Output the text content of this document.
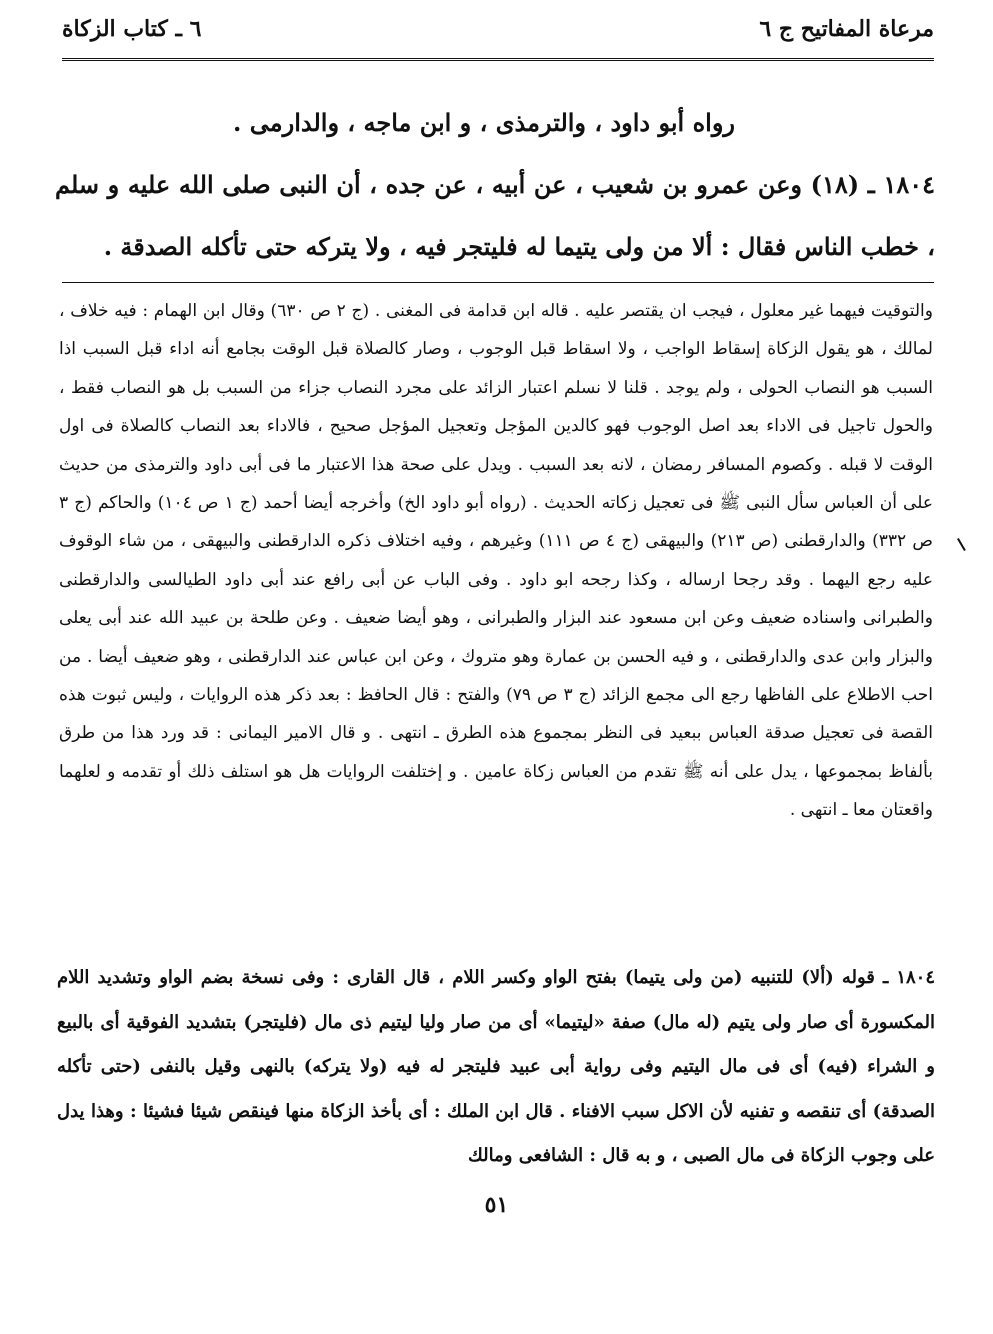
مرعاة المفاتيح ج ٦
٦ ـ كتاب الزكاة

رواه أبو داود ، والترمذى ، و ابن ماجه ، والدارمى .

١٨٠٤ ـ (١٨) وعن عمرو بن شعيب ، عن أبيه ، عن جده ، أن النبى صلى الله عليه و سلم ، خطب الناس فقال : ألا من ولى يتيما له فليتجر فيه ، ولا يتركه حتى تأكله الصدقة .

والتوقيت فيهما غير معلول ، فيجب ان يقتصر عليه . قاله ابن قدامة فى المغنى . (ج ٢ ص ٦٣٠) وقال ابن الهمام : فيه خلاف ، لمالك ، هو يقول الزكاة إسقاط الواجب ، ولا اسقاط قبل الوجوب ، وصار كالصلاة قبل الوقت بجامع أنه اداء قبل السبب اذا السبب هو النصاب الحولى ، ولم يوجد . قلنا لا نسلم اعتبار الزائد على مجرد النصاب جزاء من السبب بل هو النصاب فقط ، والحول تاجيل فى الاداء بعد اصل الوجوب فهو كالدين المؤجل وتعجيل المؤجل صحيح ، فالاداء بعد النصاب كالصلاة فى اول الوقت لا قبله . وكصوم المسافر رمضان ، لانه بعد السبب . ويدل على صحة هذا الاعتبار ما فى أبى داود والترمذى من حديث على أن العباس سأل النبى ﷺ فى تعجيل زكاته الحديث . (رواه أبو داود الخ) وأخرجه أيضا أحمد (ج ١ ص ١٠٤) والحاكم (ج ٣ ص ٣٣٢) والدارقطنى (ص ٢١٣) والبيهقى (ج ٤ ص ١١١) وغيرهم ، وفيه اختلاف ذكره الدارقطنى والبيهقى ، من شاء الوقوف عليه رجع اليهما . وقد رجحا ارساله ، وكذا رجحه ابو داود . وفى الباب عن أبى رافع عند أبى داود الطيالسى والدارقطنى والطبرانى واسناده ضعيف وعن ابن مسعود عند البزار والطبرانى ، وهو أيضا ضعيف . وعن طلحة بن عبيد الله عند أبى يعلى والبزار وابن عدى والدارقطنى ، و فيه الحسن بن عمارة وهو متروك ، وعن ابن عباس عند الدارقطنى ، وهو ضعيف أيضا . من احب الاطلاع على الفاظها رجع الى مجمع الزائد (ج ٣ ص ٧٩) والفتح : قال الحافظ : بعد ذكر هذه الروايات ، وليس ثبوت هذه القصة فى تعجيل صدقة العباس ببعيد فى النظر بمجموع هذه الطرق ـ انتهى . و قال الامير اليمانى : قد ورد هذا من طرق بألفاظ بمجموعها ، يدل على أنه ﷺ تقدم من العباس زكاة عامين . و إختلفت الروايات هل هو استلف ذلك أو تقدمه و لعلهما واقعتان معا ـ انتهى .

١٨٠٤ ـ قوله (ألا) للتنبيه (من ولى يتيما) بفتح الواو وكسر اللام ، قال القارى : وفى نسخة بضم الواو وتشديد اللام المكسورة أى صار ولى يتيم (له مال) صفة «ليتيما» أى من صار وليا ليتيم ذى مال (فليتجر) بتشديد الفوقية أى بالبيع و الشراء (فيه) أى فى مال اليتيم وفى رواية أبى عبيد فليتجر له فيه (ولا يتركه) بالنهى وقيل بالنفى (حتى تأكله الصدقة) أى تنقصه و تفنيه لأن الاكل سبب الافناء . قال ابن الملك : أى بأخذ الزكاة منها فينقص شيئا فشيئا : وهذا يدل على وجوب الزكاة فى مال الصبى ، و به قال : الشافعى ومالك

٥١
